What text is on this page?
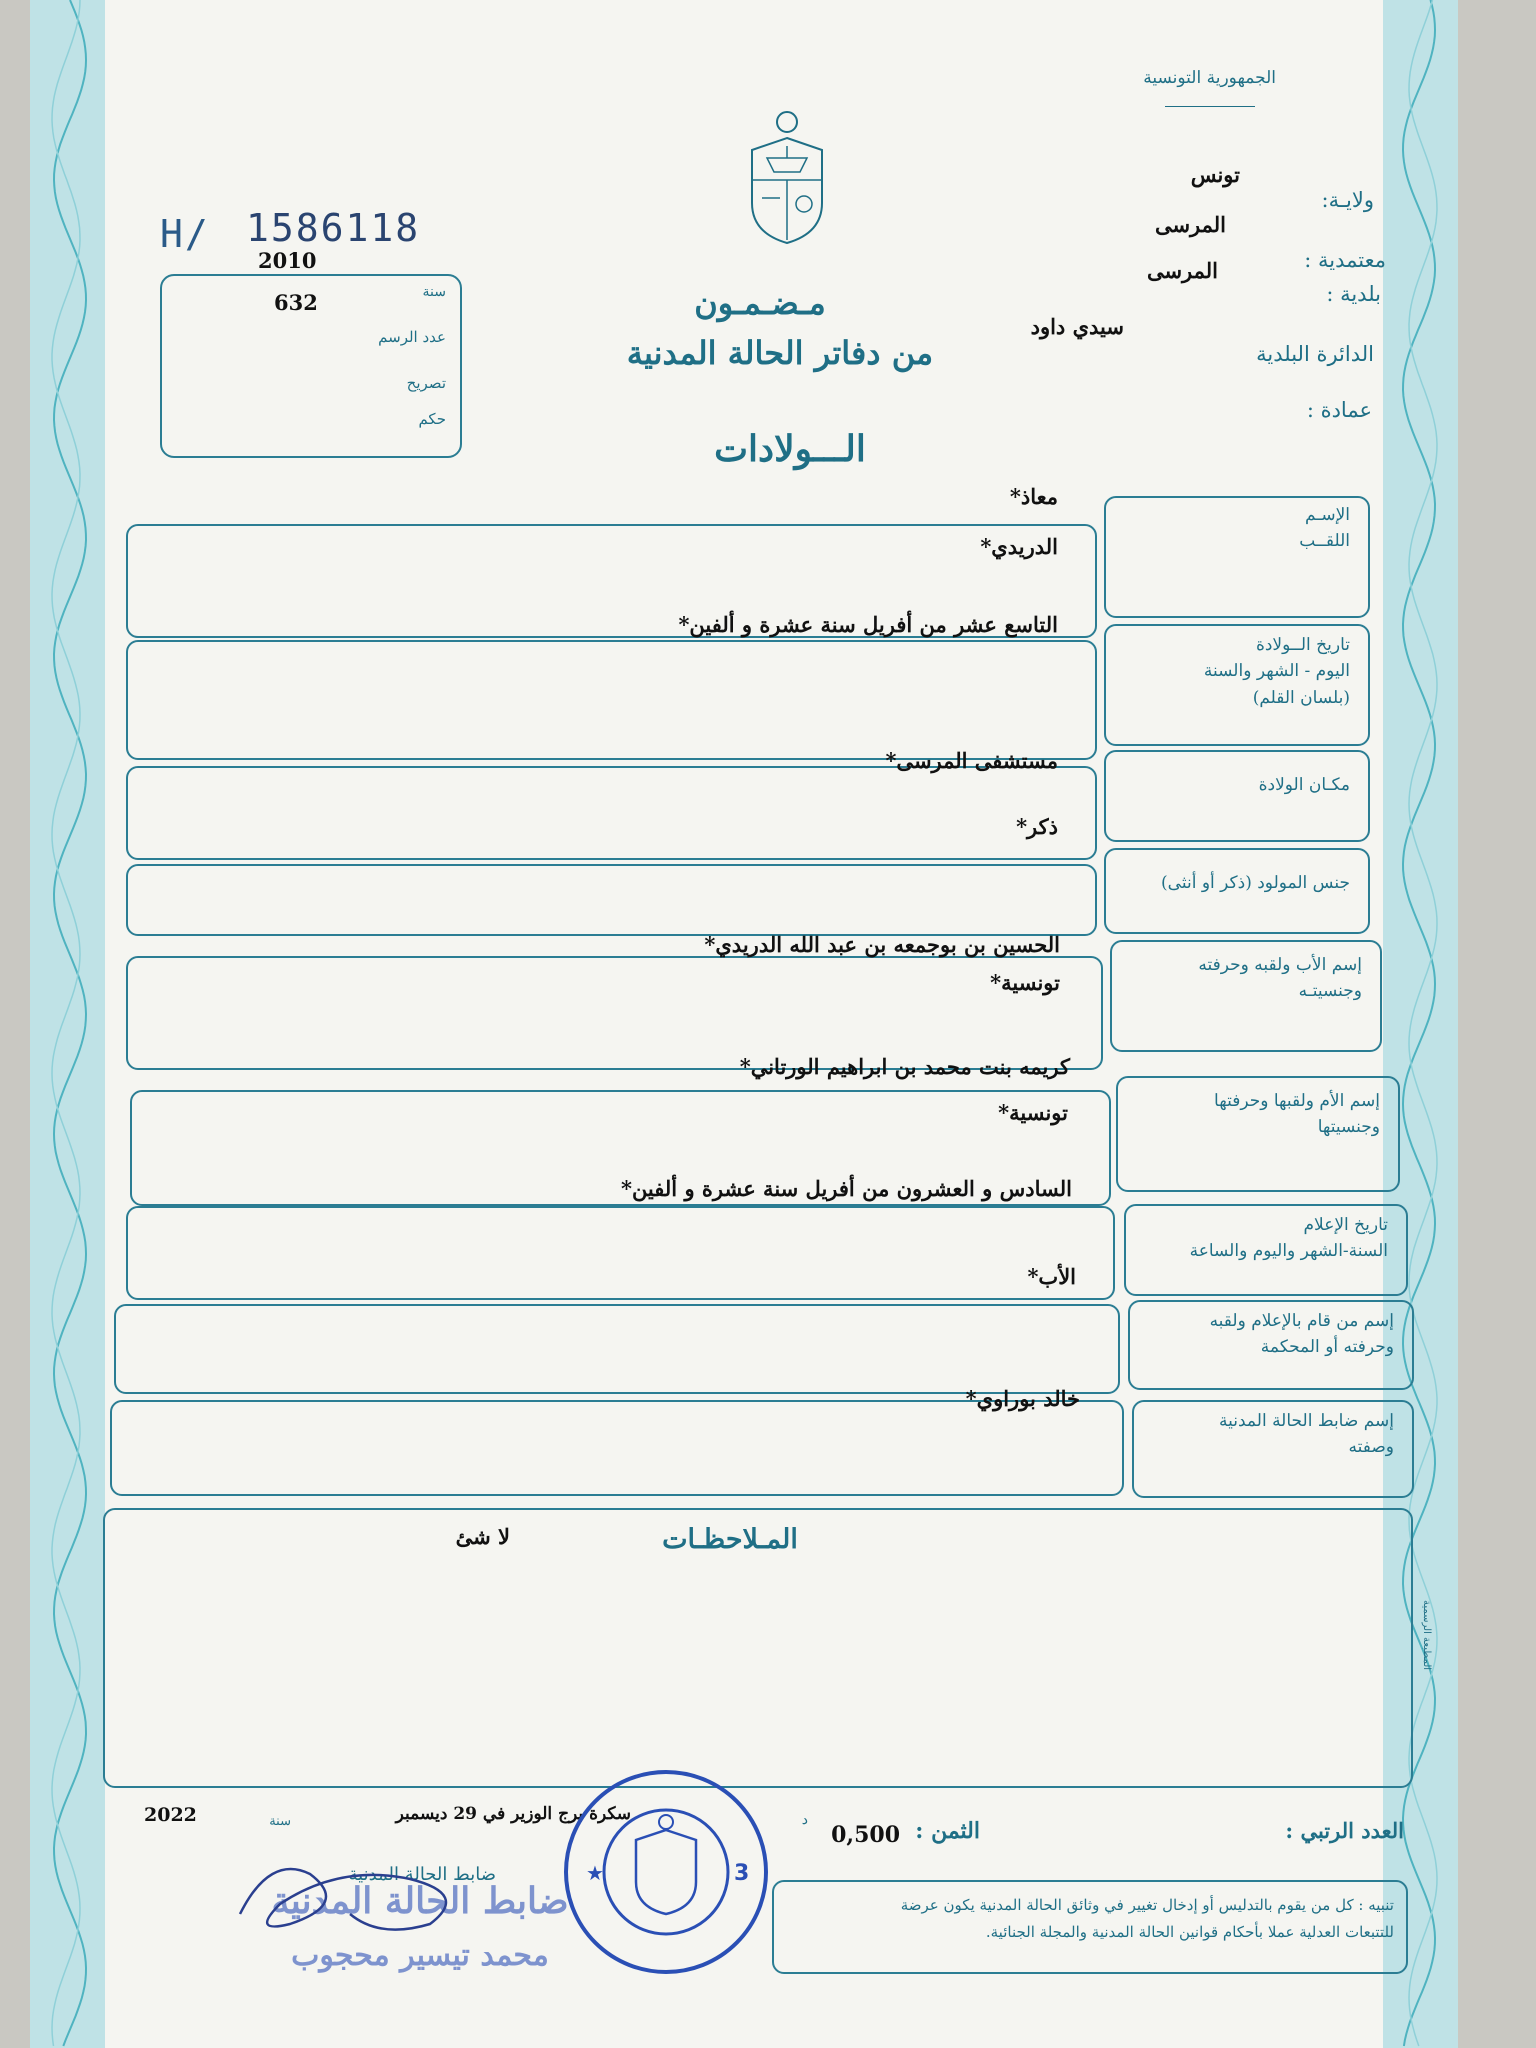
الجمهورية التونسية
H/ 1586118
ولايـة:
تونس
المرسى
معتمدية :
المرسى
بلدية :
سيدي داود
الدائرة البلدية
عمادة :
2010
سنة
632
عدد الرسم
تصريح
حكم
مـضـمـون
من دفاتر الحالة المدنية
الـــولادات
الإسـم
اللقــب
معاذ*
الدريدي*
تاريخ الــولادة
اليوم - الشهر والسنة
(بلسان القلم)
التاسع عشر من أفريل سنة عشرة و ألفين*
مكـان الولادة
مستشفى المرسى*
جنس المولود (ذكر أو أنثى)
ذكر*
إسم الأب ولقبه وحرفته
وجنسيتـه
الحسين بن بوجمعه بن عبد الله الدريدي*
تونسية*
إسم الأم ولقبها وحرفتها
وجنسيتها
كريمه بنت محمد بن ابراهيم الورتاني*
تونسية*
تاريخ الإعلام
السنة-الشهر واليوم والساعة
السادس و العشرون من أفريل سنة عشرة و ألفين*
إسم من قام بالإعلام ولقبه
وحرفته أو المحكمة
الأب*
إسم ضابط الحالة المدنية
وصفته
خالد بوراوي*
المـلاحظـات
لا شئ
المطبعة الرسمية
العدد الرتبي :
الثمن :
0,500
د
سكرة برج الوزير في 29 ديسمبر
سنة
2022
ضابط الحالة المدنية
تنبيه : كل من يقوم بالتدليس أو إدخال تغيير في وثائق الحالة المدنية يكون عرضة
للتتبعات العدلية عملا بأحكام قوانين الحالة المدنية والمجلة الجنائية.
ضابط الحالة المدنية
محمد تيسير محجوب
3
★
